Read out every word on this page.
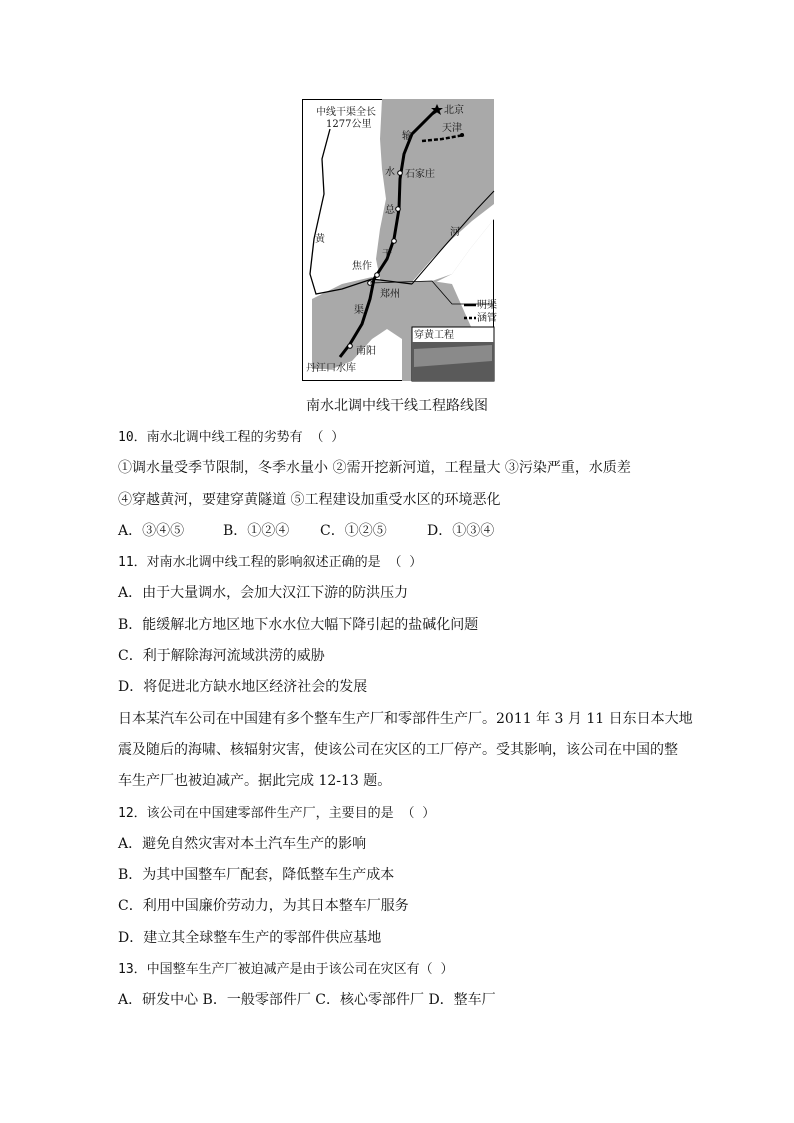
中线干渠全长
1277公里
北京
天津
石家庄
焦作
郑州
南阳
丹江口水库
输
水
总
干
渠
黄
河
明渠
涵管
穿黄工程
南水北调中线干线工程路线图
10．南水北调中线工程的劣势有 （ ）
①调水量受季节限制，冬季水量小 ②需开挖新河道，工程量大 ③污染严重，水质差
④穿越黄河，要建穿黄隧道 ⑤工程建设加重受水区的环境恶化
A．③④⑤	B．①②④ C．①②⑤	D．①③④
11．对南水北调中线工程的影响叙述正确的是 （ ）
A．由于大量调水，会加大汉江下游的防洪压力
B．能缓解北方地区地下水水位大幅下降引起的盐碱化问题
C．利于解除海河流域洪涝的威胁
D．将促进北方缺水地区经济社会的发展
日本某汽车公司在中国建有多个整车生产厂和零部件生产厂。2011 年 3 月 11 日东日本大地
震及随后的海啸、核辐射灾害，使该公司在灾区的工厂停产。受其影响，该公司在中国的整
车生产厂也被迫减产。据此完成 12-13 题。
12．该公司在中国建零部件生产厂，主要目的是 （ ）
A．避免自然灾害对本土汽车生产的影响
B．为其中国整车厂配套，降低整车生产成本
C．利用中国廉价劳动力，为其日本整车厂服务
D．建立其全球整车生产的零部件供应基地
13．中国整车生产厂被迫减产是由于该公司在灾区有（ ）
A．研发中心 B．一般零部件厂 C．核心零部件厂 D．整车厂
